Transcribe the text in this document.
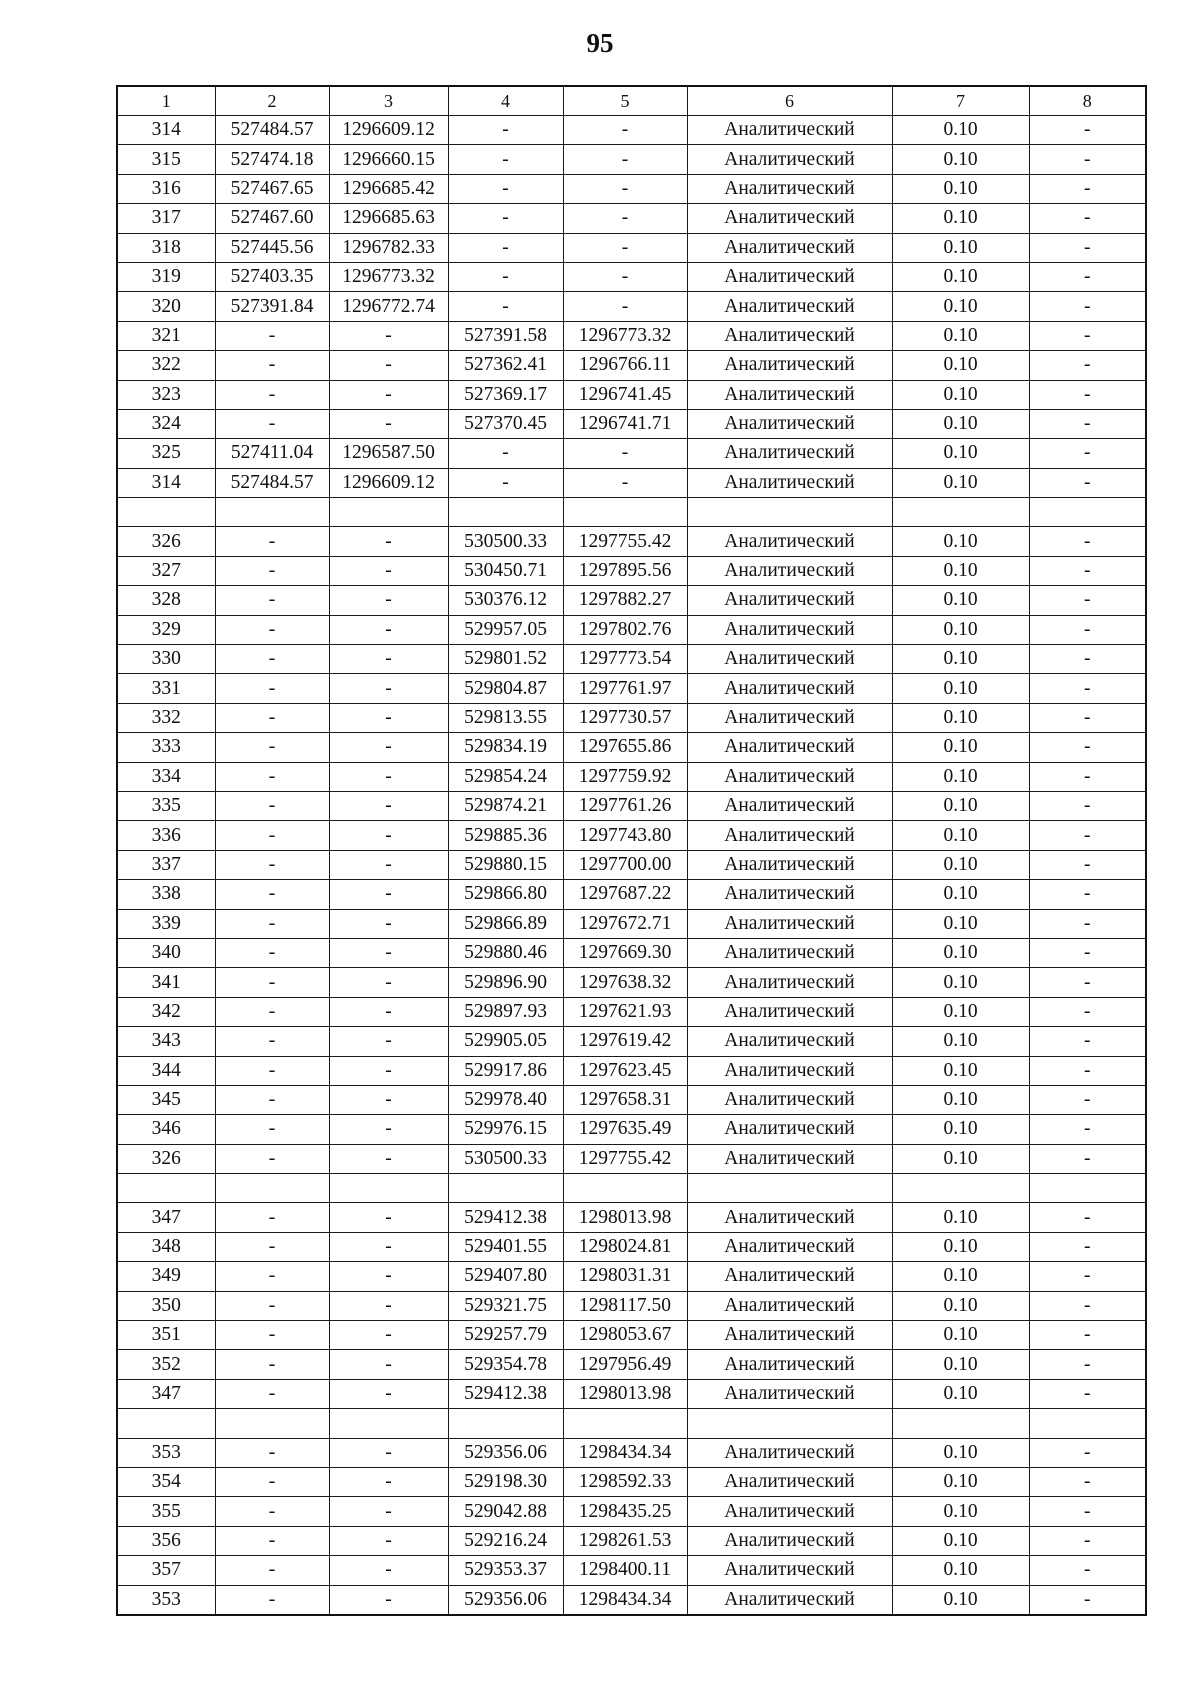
95
1	2	3	4	5	6	7	8
314	527484.57	1296609.12	-	-	Аналитический	0.10	-
315	527474.18	1296660.15	-	-	Аналитический	0.10	-
316	527467.65	1296685.42	-	-	Аналитический	0.10	-
317	527467.60	1296685.63	-	-	Аналитический	0.10	-
318	527445.56	1296782.33	-	-	Аналитический	0.10	-
319	527403.35	1296773.32	-	-	Аналитический	0.10	-
320	527391.84	1296772.74	-	-	Аналитический	0.10	-
321	-	-	527391.58	1296773.32	Аналитический	0.10	-
322	-	-	527362.41	1296766.11	Аналитический	0.10	-
323	-	-	527369.17	1296741.45	Аналитический	0.10	-
324	-	-	527370.45	1296741.71	Аналитический	0.10	-
325	527411.04	1296587.50	-	-	Аналитический	0.10	-
314	527484.57	1296609.12	-	-	Аналитический	0.10	-

326	-	-	530500.33	1297755.42	Аналитический	0.10	-
327	-	-	530450.71	1297895.56	Аналитический	0.10	-
328	-	-	530376.12	1297882.27	Аналитический	0.10	-
329	-	-	529957.05	1297802.76	Аналитический	0.10	-
330	-	-	529801.52	1297773.54	Аналитический	0.10	-
331	-	-	529804.87	1297761.97	Аналитический	0.10	-
332	-	-	529813.55	1297730.57	Аналитический	0.10	-
333	-	-	529834.19	1297655.86	Аналитический	0.10	-
334	-	-	529854.24	1297759.92	Аналитический	0.10	-
335	-	-	529874.21	1297761.26	Аналитический	0.10	-
336	-	-	529885.36	1297743.80	Аналитический	0.10	-
337	-	-	529880.15	1297700.00	Аналитический	0.10	-
338	-	-	529866.80	1297687.22	Аналитический	0.10	-
339	-	-	529866.89	1297672.71	Аналитический	0.10	-
340	-	-	529880.46	1297669.30	Аналитический	0.10	-
341	-	-	529896.90	1297638.32	Аналитический	0.10	-
342	-	-	529897.93	1297621.93	Аналитический	0.10	-
343	-	-	529905.05	1297619.42	Аналитический	0.10	-
344	-	-	529917.86	1297623.45	Аналитический	0.10	-
345	-	-	529978.40	1297658.31	Аналитический	0.10	-
346	-	-	529976.15	1297635.49	Аналитический	0.10	-
326	-	-	530500.33	1297755.42	Аналитический	0.10	-

347	-	-	529412.38	1298013.98	Аналитический	0.10	-
348	-	-	529401.55	1298024.81	Аналитический	0.10	-
349	-	-	529407.80	1298031.31	Аналитический	0.10	-
350	-	-	529321.75	1298117.50	Аналитический	0.10	-
351	-	-	529257.79	1298053.67	Аналитический	0.10	-
352	-	-	529354.78	1297956.49	Аналитический	0.10	-
347	-	-	529412.38	1298013.98	Аналитический	0.10	-

353	-	-	529356.06	1298434.34	Аналитический	0.10	-
354	-	-	529198.30	1298592.33	Аналитический	0.10	-
355	-	-	529042.88	1298435.25	Аналитический	0.10	-
356	-	-	529216.24	1298261.53	Аналитический	0.10	-
357	-	-	529353.37	1298400.11	Аналитический	0.10	-
353	-	-	529356.06	1298434.34	Аналитический	0.10	-
